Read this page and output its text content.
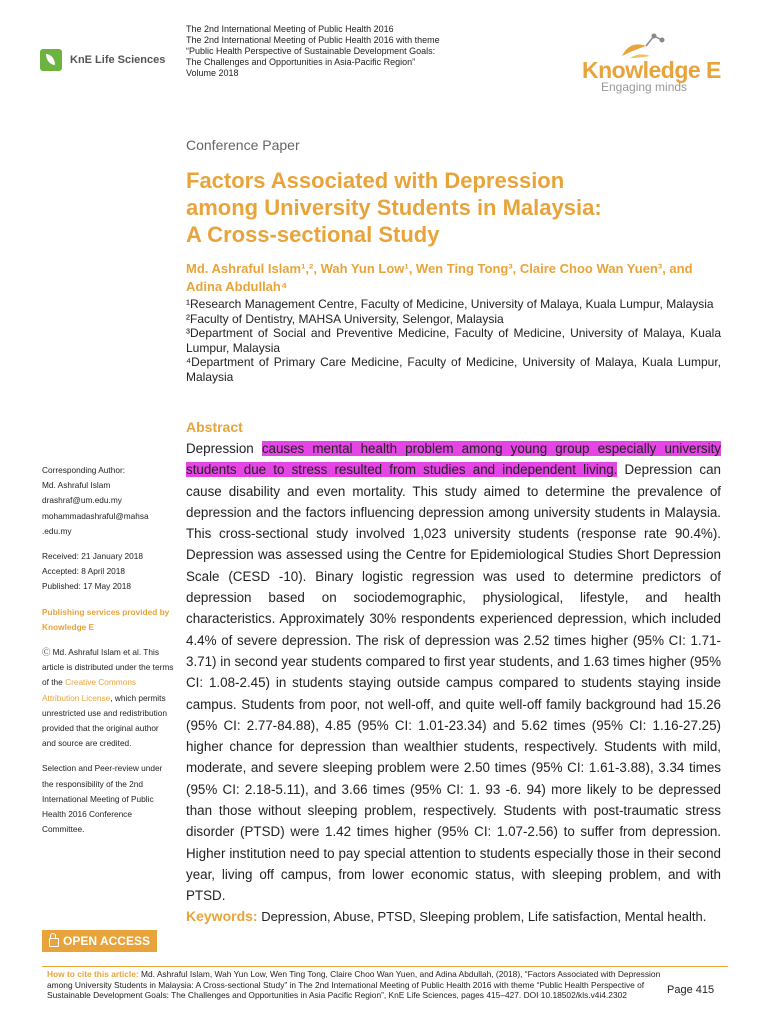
KnE Life Sciences
The 2nd International Meeting of Public Health 2016
The 2nd International Meeting of Public Health 2016 with theme
“Public Health Perspective of Sustainable Development Goals:
The Challenges and Opportunities in Asia-Pacific Region”
Volume 2018	Knowledge E
Engaging minds
Conference Paper
Factors Associated with Depression
among University Students in Malaysia:
A Cross-sectional Study
Md. Ashraful Islam¹,², Wah Yun Low¹, Wen Ting Tong³, Claire Choo Wan Yuen³, and Adina Abdullah⁴

¹Research Management Centre, Faculty of Medicine, University of Malaya, Kuala Lumpur, Malaysia

²Faculty of Dentistry, MAHSA University, Selengor, Malaysia

³Department of Social and Preventive Medicine, Faculty of Medicine, University of Malaya, Kuala Lumpur, Malaysia

⁴Department of Primary Care Medicine, Faculty of Medicine, University of Malaya, Kuala Lumpur, Malaysia

Abstract

Depression causes mental health problem among young group especially university students due to stress resulted from studies and independent living. Depression can cause disability and even mortality. This study aimed to determine the prevalence of depression and the factors influencing depression among university students in Malaysia. This cross-sectional study involved 1,023 university students (response rate 90.4%). Depression was assessed using the Centre for Epidemiological Studies Short Depression Scale (CESD -10). Binary logistic regression was used to determine predictors of depression based on sociodemographic, physiological, lifestyle, and health characteristics. Approximately 30% respondents experienced depression, which included 4.4% of severe depression. The risk of depression was 2.52 times higher (95% CI: 1.71-3.71) in second year students compared to first year students, and 1.63 times higher (95% CI: 1.08-2.45) in students staying outside campus compared to students staying inside campus. Students from poor, not well-off, and quite well-off family background had 15.26 (95% CI: 2.77-84.88), 4.85 (95% CI: 1.01-23.34) and 5.62 times (95% CI: 1.16-27.25) higher chance for depression than wealthier students, respectively. Students with mild, moderate, and severe sleeping problem were 2.50 times (95% CI: 1.61-3.88), 3.34 times (95% CI: 2.18-5.11), and 3.66 times (95% CI: 1. 93 -6. 94) more likely to be depressed than those without sleeping problem, respectively. Students with post-traumatic stress disorder (PTSD) were 1.42 times higher (95% CI: 1.07-2.56) to suffer from depression. Higher institution need to pay special attention to students especially those in their second year, living off campus, from lower economic status, with sleeping problem, and with PTSD.

Keywords: Depression, Abuse, PTSD, Sleeping problem, Life satisfaction, Mental health.

Corresponding Author:
Md. Ashraful Islam
drashraf@um.edu.my
mohammadashraful@mahsa .edu.my

Received: 21 January 2018
Accepted: 8 April 2018
Published: 17 May 2018

Publishing services provided by Knowledge E

Ⓒ Md. Ashraful Islam et al. This article is distributed under the terms of the Creative Commons Attribution License, which permits unrestricted use and redistribution provided that the original author and source are credited.

Selection and Peer-review under the responsibility of the 2nd International Meeting of Public Health 2016 Conference Committee.

OPEN ACCESS

How to cite this article: Md. Ashraful Islam, Wah Yun Low, Wen Ting Tong, Claire Choo Wan Yuen, and Adina Abdullah, (2018), “Factors Associated with Depression among University Students in Malaysia: A Cross-sectional Study” in The 2nd International Meeting of Public Health 2016 with theme “Public Health Perspective of Sustainable Development Goals: The Challenges and Opportunities in Asia Pacific Region”, KnE Life Sciences, pages 415–427. DOI 10.18502/kls.v4i4.2302	Page 415
